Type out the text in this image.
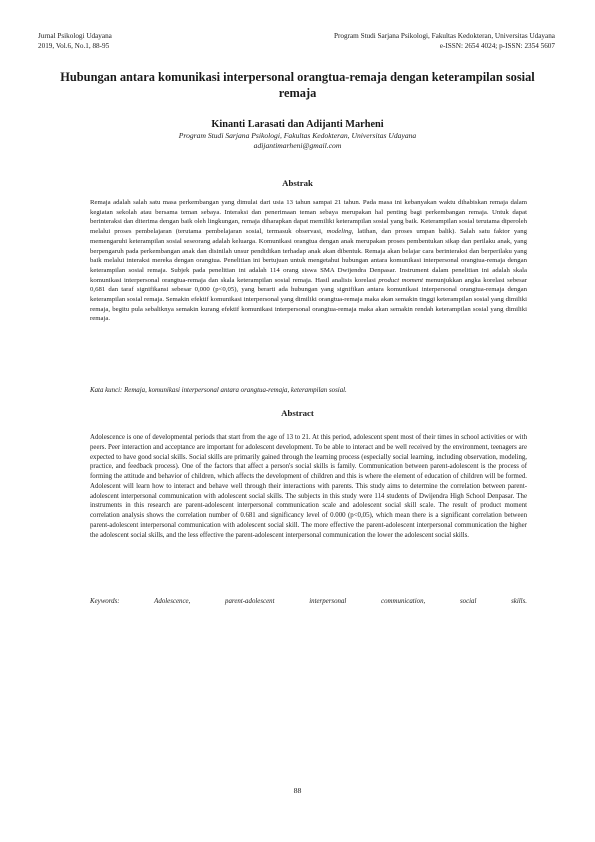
Jurnal Psikologi Udayana
2019, Vol.6, No.1, 88-95
Program Studi Sarjana Psikologi, Fakultas Kedokteran, Universitas Udayana
e-ISSN: 2654 4024; p-ISSN: 2354 5607
Hubungan antara komunikasi interpersonal orangtua-remaja dengan keterampilan sosial remaja
Kinanti Larasati dan Adijanti Marheni
Program Studi Sarjana Psikologi, Fakultas Kedokteran, Universitas Udayana
adijantimarheni@gmail.com
Abstrak

Remaja adalah salah satu masa perkembangan yang dimulai dari usia 13 tahun sampai 21 tahun. Pada masa ini kebanyakan waktu dihabiskan remaja dalam kegiatan sekolah atau bersama teman sebaya. Interaksi dan penerimaan teman sebaya merupakan hal penting bagi perkembangan remaja. Untuk dapat berinteraksi dan diterima dengan baik oleh lingkungan, remaja diharapkan dapat memiliki keterampilan sosial yang baik. Keterampilan sosial terutama diperoleh melalui proses pembelajaran (terutama pembelajaran sosial, termasuk observasi, modeling, latihan, dan proses umpan balik). Salah satu faktor yang memengaruhi keterampilan sosial seseorang adalah keluarga. Komunikasi orangtua dengan anak merupakan proses pembentukan sikap dan perilaku anak, yang berpengaruh pada perkembangan anak dan disinilah unsur pendidikan terhadap anak akan dibentuk. Remaja akan belajar cara berinteraksi dan berperilaku yang baik melalui interaksi mereka dengan orangtua. Penelitian ini bertujuan untuk mengetahui hubungan antara komunikasi interpersonal orangtua-remaja dengan keterampilan sosial remaja. Subjek pada penelitian ini adalah 114 orang siswa SMA Dwijendra Denpasar. Instrument dalam penelitian ini adalah skala komunikasi interpersonal orangtua-remaja dan skala keterampilan sosial remaja. Hasil analisis korelasi product moment menunjukkan angka korelasi sebesar 0,681 dan taraf signifikansi sebesar 0,000 (p<0,05), yang berarti ada hubungan yang signifikan antara komunikasi interpersonal orangtua-remaja dengan keterampilan sosial remaja. Semakin efektif komunikasi interpersonal yang dimiliki orangtua-remaja maka akan semakin tinggi keterampilan sosial yang dimiliki remaja, begitu pula sebaliknya semakin kurang efektif komunikasi interpersonal orangtua-remaja maka akan semakin rendah keterampilan sosial yang dimiliki remaja.

Kata kunci: Remaja, komunikasi interpersonal antara orangtua-remaja, keterampilan sosial.
Abstract

Adolescence is one of developmental periods that start from the age of 13 to 21. At this period, adolescent spent most of their times in school activities or with peers. Peer interaction and acceptance are important for adolescent development. To be able to interact and be well received by the environment, teenagers are expected to have good social skills. Social skills are primarily gained through the learning process (especially social learning, including observation, modeling, practice, and feedback process). One of the factors that affect a person's social skills is family. Communication between parent-adolescent is the process of forming the attitude and behavior of children, which affects the development of children and this is where the element of education of children will be formed. Adolescent will learn how to interact and behave well through their interactions with parents. This study aims to determine the correlation between parent-adolescent interpersonal communication with adolescent social skills. The subjects in this study were 114 students of Dwijendra High School Denpasar. The instruments in this research are parent-adolescent interpersonal communication scale and adolescent social skill scale. The result of product moment correlation analysis shows the correlation number of 0.681 and significancy level of 0.000 (p<0,05), which mean there is a significant correlation between parent-adolescent interpersonal communication with adolescent social skill. The more effective the parent-adolescent interpersonal communication the higher the adolescent social skills, and the less effective the parent-adolescent interpersonal communication the lower the adolescent social skills.

Keywords: Adolescence, parent-adolescent interpersonal communication, social skills.
88
